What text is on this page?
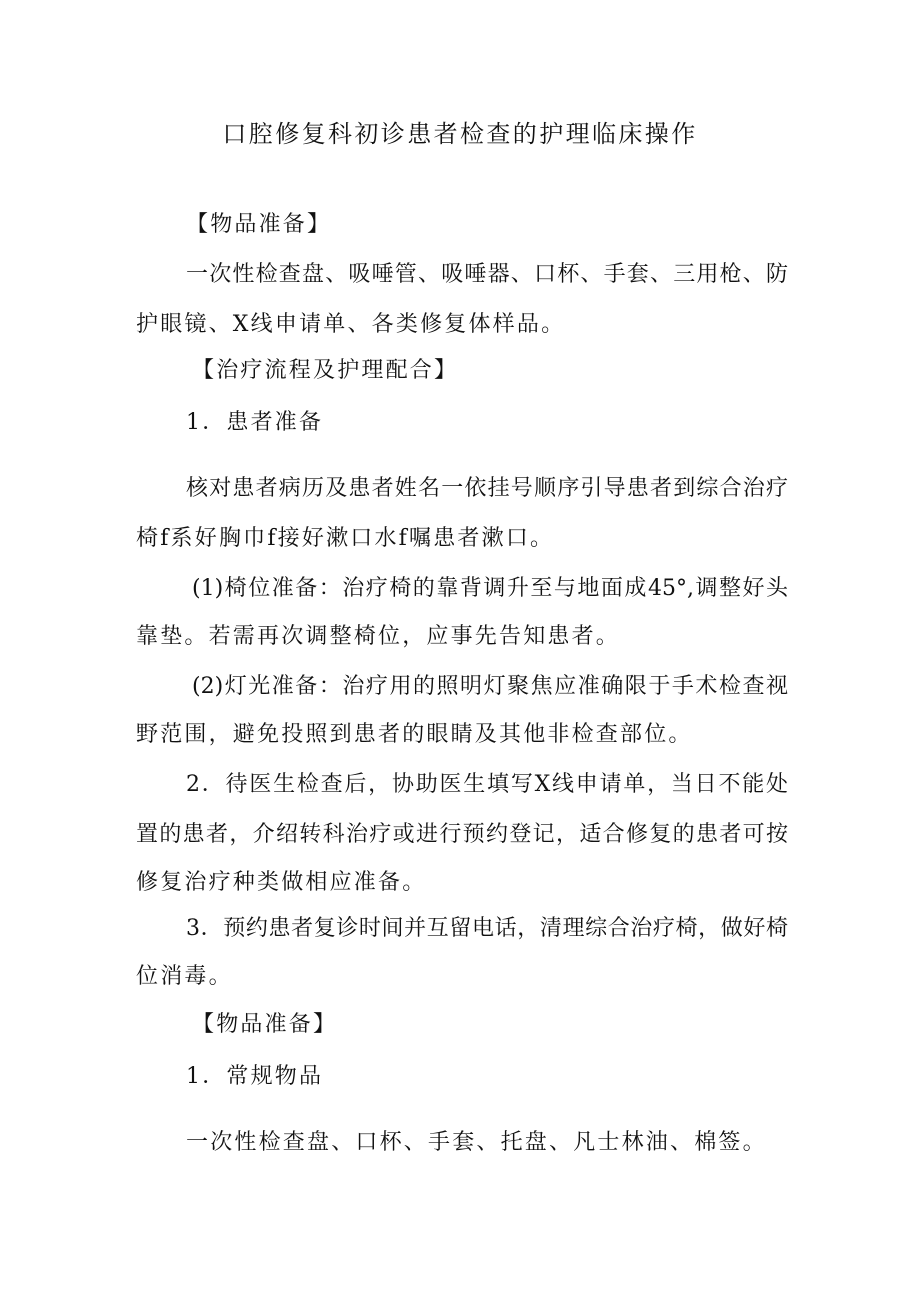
口腔修复科初诊患者检查的护理临床操作
【物品准备】
一次性检查盘、吸唾管、吸唾器、口杯、手套、三用枪、防
护眼镜、X线申请单、各类修复体样品。
【治疗流程及护理配合】
1．患者准备
核对患者病历及患者姓名一依挂号顺序引导患者到综合治疗
椅f系好胸巾f接好漱口水f嘱患者漱口。
(1)椅位准备：治疗椅的靠背调升至与地面成45°,调整好头
靠垫。若需再次调整椅位，应事先告知患者。
(2)灯光准备：治疗用的照明灯聚焦应准确限于手术检查视
野范围，避免投照到患者的眼睛及其他非检查部位。
2．待医生检查后，协助医生填写X线申请单，当日不能处
置的患者，介绍转科治疗或进行预约登记，适合修复的患者可按
修复治疗种类做相应准备。
3．预约患者复诊时间并互留电话，清理综合治疗椅，做好椅
位消毒。
【物品准备】
1．常规物品
一次性检查盘、口杯、手套、托盘、凡士林油、棉签。
